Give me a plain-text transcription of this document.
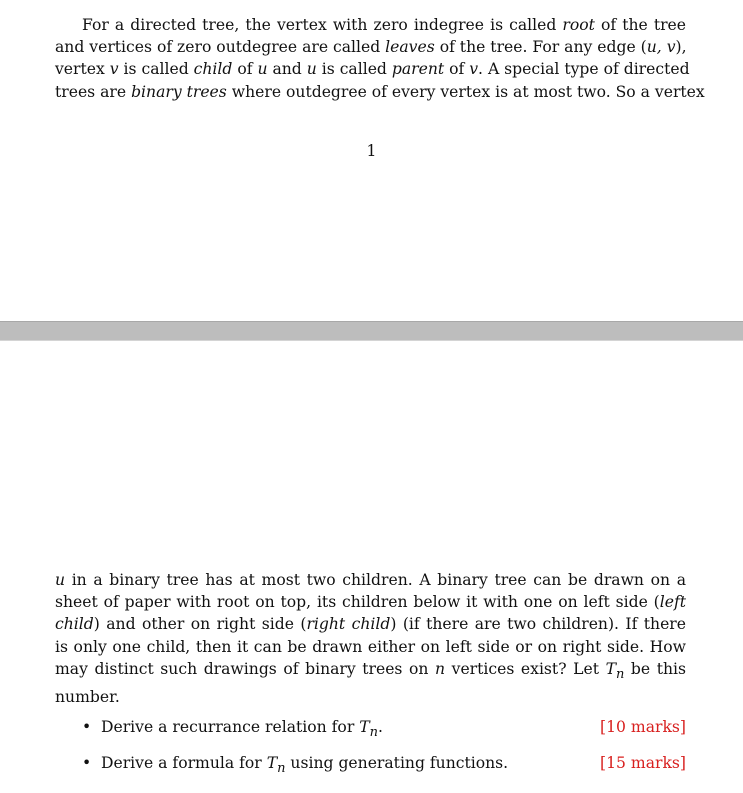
For a directed tree, the vertex with zero indegree is called root of the tree
and vertices of zero outdegree are called leaves of the tree. For any edge (u, v),
vertex v is called child of u and u is called parent of v. A special type of directed
trees are binary trees where outdegree of every vertex is at most two. So a vertex

1

u in a binary tree has at most two children. A binary tree can be drawn on a
sheet of paper with root on top, its children below it with one on left side (left
child) and other on right side (right child) (if there are two children). If there
is only one child, then it can be drawn either on left side or on right side. How
may distinct such drawings of binary trees on n vertices exist? Let $T_n$ be this
number.

• Derive a recurrance relation for $T_n$.	[10 marks]
• Derive a formula for $T_n$ using generating functions.	[15 marks]
